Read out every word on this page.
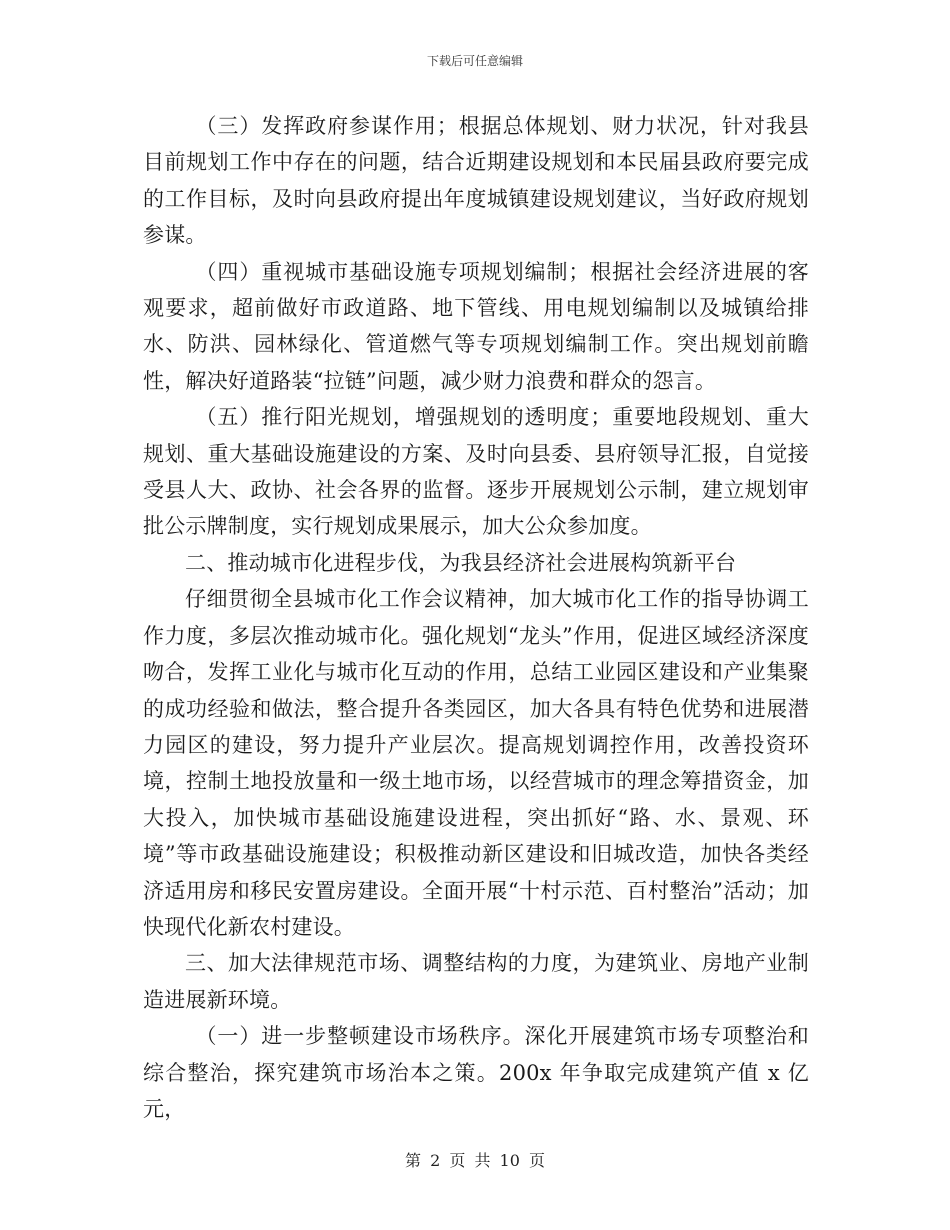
下载后可任意编辑

（三）发挥政府参谋作用；根据总体规划、财力状况，针对我县目前规划工作中存在的问题，结合近期建设规划和本民届县政府要完成的工作目标，及时向县政府提出年度城镇建设规划建议，当好政府规划参谋。

（四）重视城市基础设施专项规划编制；根据社会经济进展的客观要求，超前做好市政道路、地下管线、用电规划编制以及城镇给排水、防洪、园林绿化、管道燃气等专项规划编制工作。突出规划前瞻性，解决好道路装“拉链”问题，减少财力浪费和群众的怨言。

（五）推行阳光规划，增强规划的透明度；重要地段规划、重大规划、重大基础设施建设的方案、及时向县委、县府领导汇报，自觉接受县人大、政协、社会各界的监督。逐步开展规划公示制，建立规划审批公示牌制度，实行规划成果展示，加大公众参加度。

二、推动城市化进程步伐，为我县经济社会进展构筑新平台

仔细贯彻全县城市化工作会议精神，加大城市化工作的指导协调工作力度，多层次推动城市化。强化规划“龙头”作用，促进区域经济深度吻合，发挥工业化与城市化互动的作用，总结工业园区建设和产业集聚的成功经验和做法，整合提升各类园区，加大各具有特色优势和进展潜力园区的建设，努力提升产业层次。提高规划调控作用，改善投资环境，控制土地投放量和一级土地市场，以经营城市的理念筹措资金，加大投入，加快城市基础设施建设进程，突出抓好“路、水、景观、环境”等市政基础设施建设；积极推动新区建设和旧城改造，加快各类经济适用房和移民安置房建设。全面开展“十村示范、百村整治”活动；加快现代化新农村建设。

三、加大法律规范市场、调整结构的力度，为建筑业、房地产业制造进展新环境。

（一）进一步整顿建设市场秩序。深化开展建筑市场专项整治和综合整治，探究建筑市场治本之策。200x 年争取完成建筑产值 x 亿元，

第 2 页 共 10 页
